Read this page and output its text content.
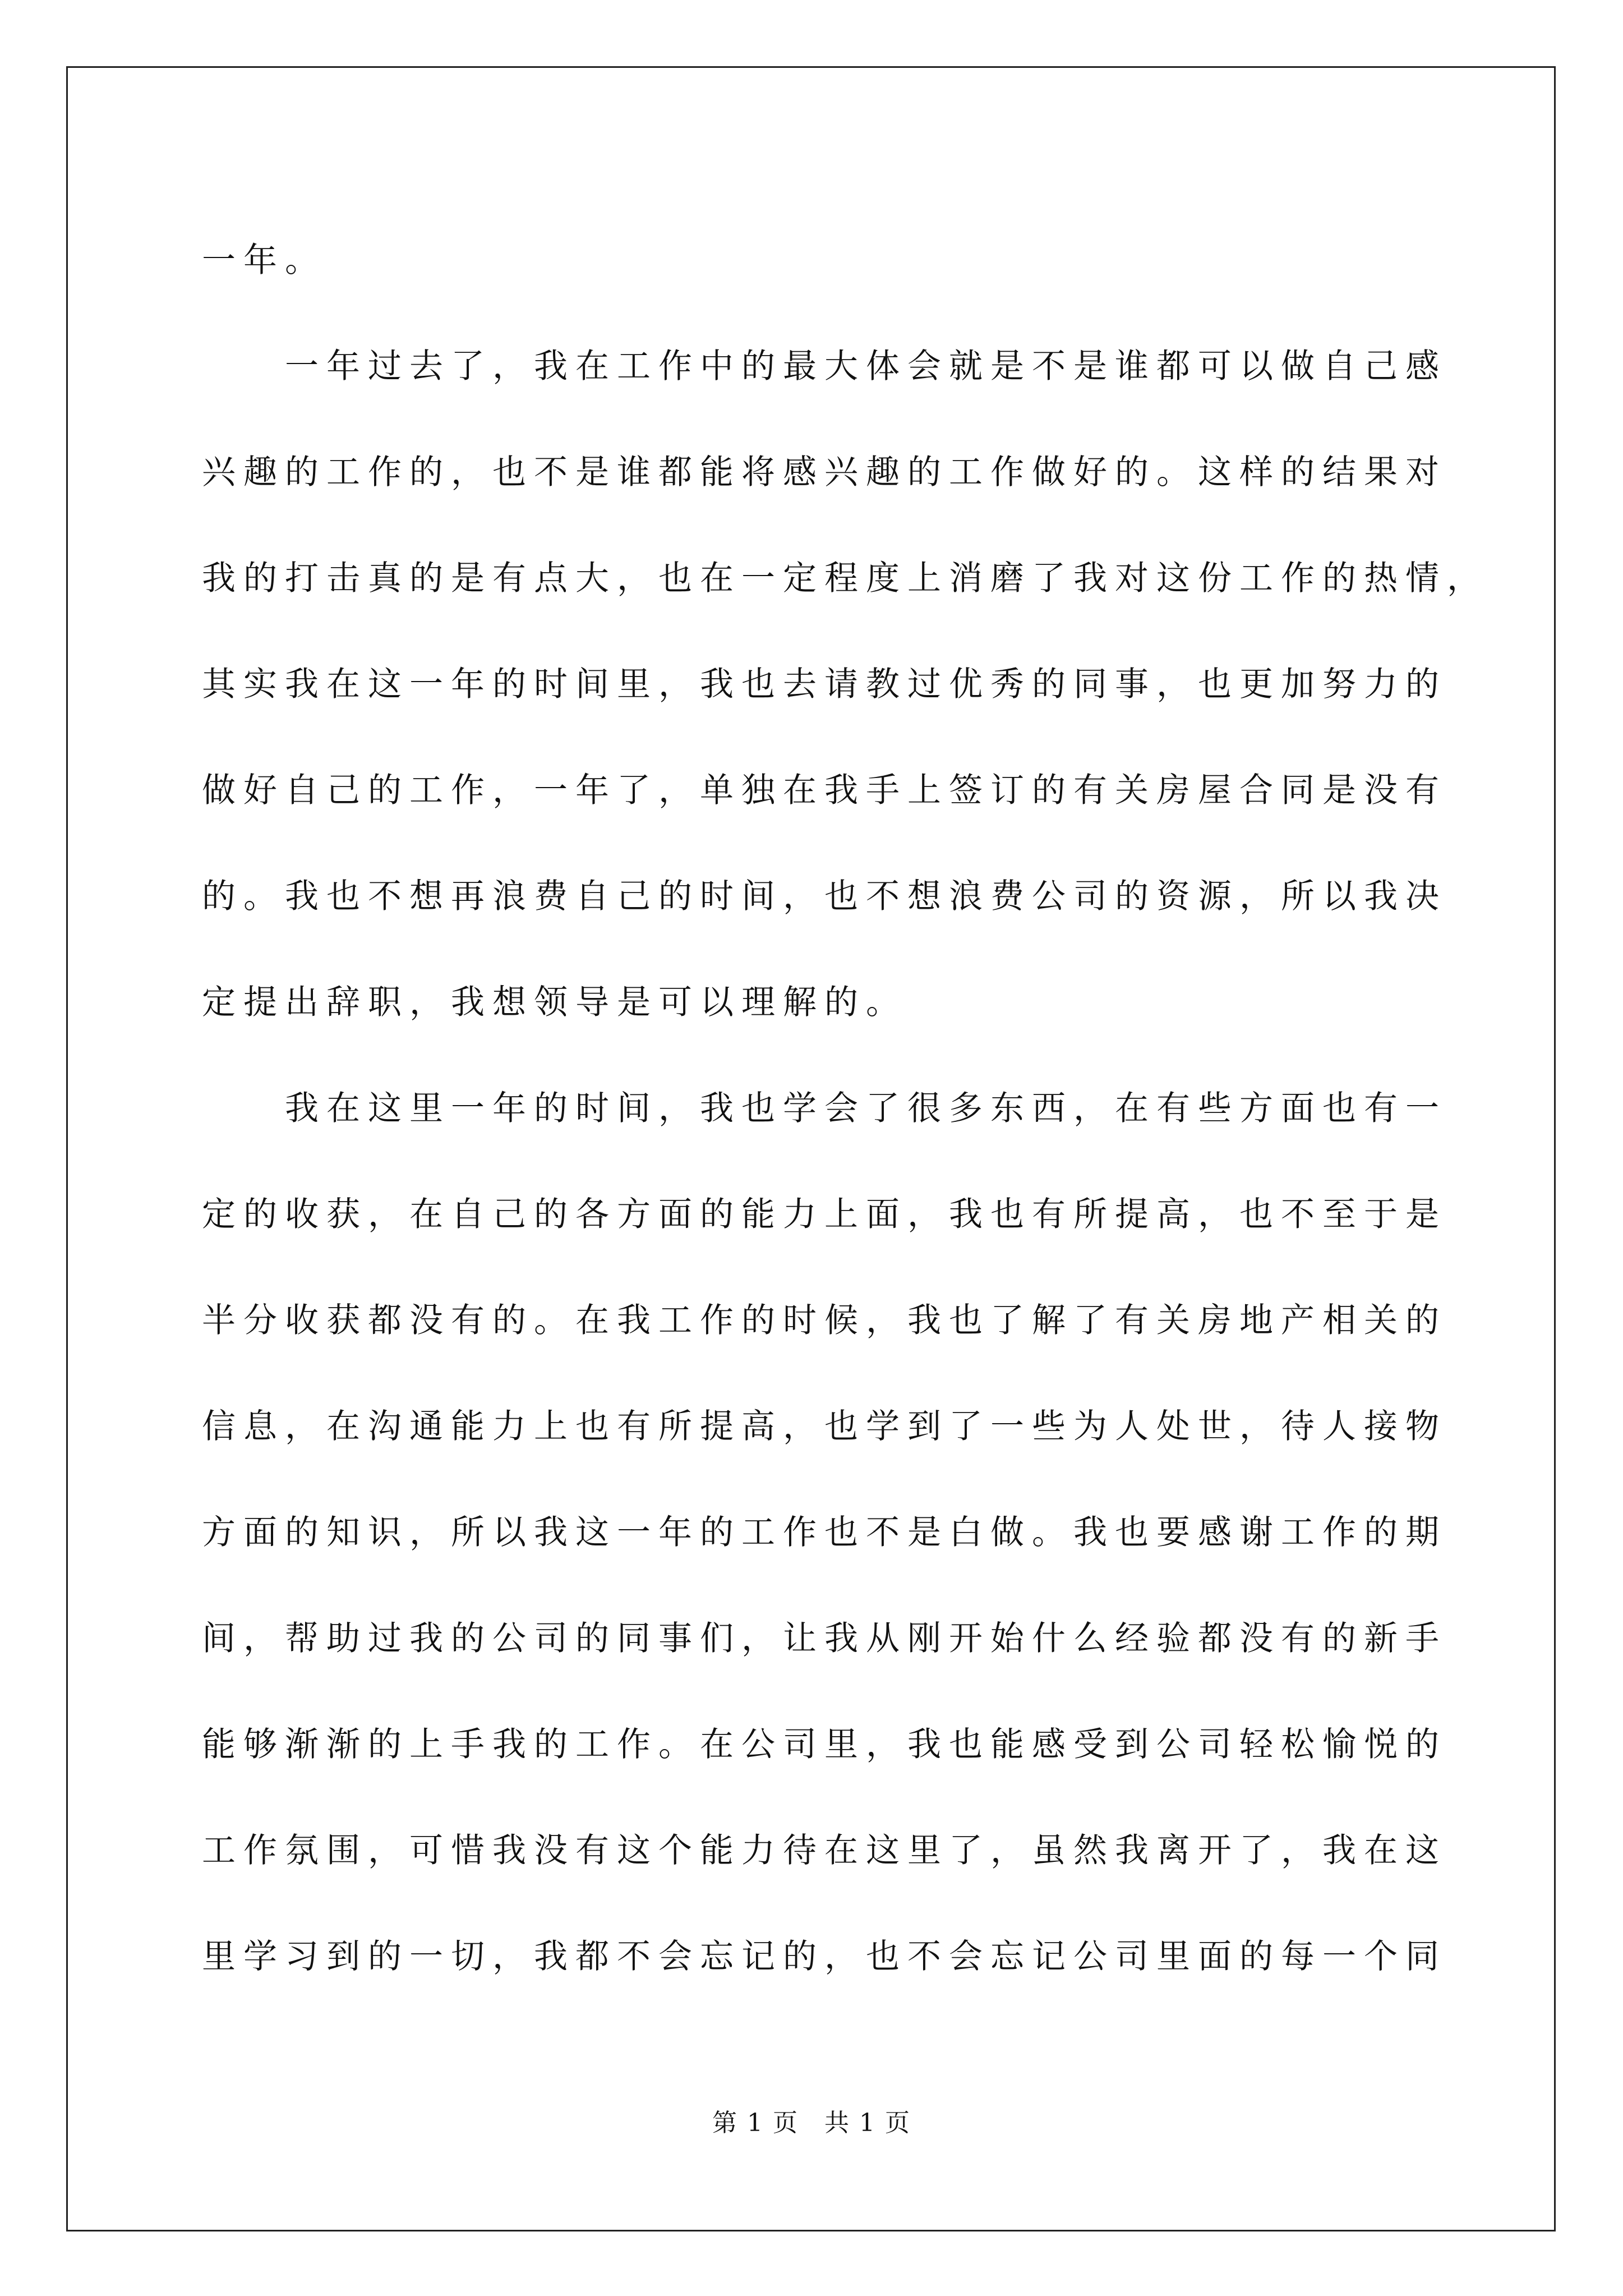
一年。
一年过去了，我在工作中的最大体会就是不是谁都可以做自己感
兴趣的工作的，也不是谁都能将感兴趣的工作做好的。这样的结果对
我的打击真的是有点大，也在一定程度上消磨了我对这份工作的热情，
其实我在这一年的时间里，我也去请教过优秀的同事，也更加努力的
做好自己的工作，一年了，单独在我手上签订的有关房屋合同是没有
的。我也不想再浪费自己的时间，也不想浪费公司的资源，所以我决
定提出辞职，我想领导是可以理解的。
我在这里一年的时间，我也学会了很多东西，在有些方面也有一
定的收获，在自己的各方面的能力上面，我也有所提高，也不至于是
半分收获都没有的。在我工作的时候，我也了解了有关房地产相关的
信息，在沟通能力上也有所提高，也学到了一些为人处世，待人接物
方面的知识，所以我这一年的工作也不是白做。我也要感谢工作的期
间，帮助过我的公司的同事们，让我从刚开始什么经验都没有的新手
能够渐渐的上手我的工作。在公司里，我也能感受到公司轻松愉悦的
工作氛围，可惜我没有这个能力待在这里了，虽然我离开了，我在这
里学习到的一切，我都不会忘记的，也不会忘记公司里面的每一个同
第 1 页　共 1 页
